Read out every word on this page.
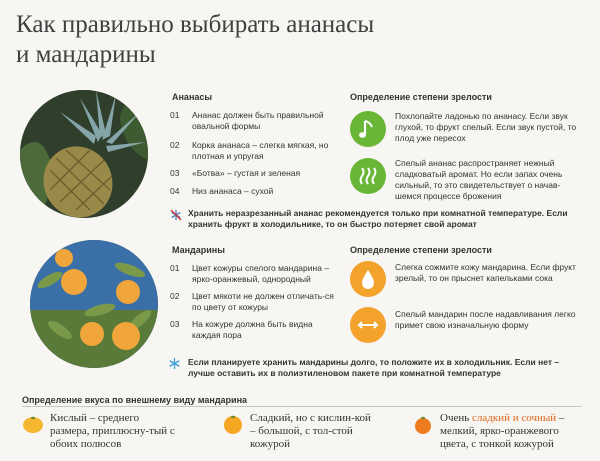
Как правильно выбирать ананасы
и мандарины
Ананасы
01 Ананас должен быть правильной овальной формы
02 Корка ананаса – слегка мягкая, но плотная и упругая
03 «Ботва» – густая и зеленая
04 Низ ананаса – сухой
Определение степени зрелости
Похлопайте ладонью по ананасу. Если звук глухой, то фрукт спелый. Если звук пустой, то плод уже пересох
Спелый ананас распространяет нежный сладковатый аромат. Но если запах очень сильный, то это свидетельствует о начав-шемся процессе брожения
Хранить неразрезанный ананас рекомендуется только при комнатной температуре. Если хранить фрукт в холодильнике, то он быстро потеряет свой аромат
Мандарины
01 Цвет кожуры спелого мандарина – ярко-оранжевый, однородный
02 Цвет мякоти не должен отличать-ся по цвету от кожуры
03 На кожуре должна быть видна каждая пора
Определение степени зрелости
Слегка сожмите кожу мандарина. Если фрукт зрелый, то он прыснет капельками сока
Спелый мандарин после надавливания легко примет свою изначальную форму
Если планируете хранить мандарины долго, то положите их в холодильник. Если нет – лучше оставить их в полиэтиленовом пакете при комнатной температуре
Определение вкуса по внешнему виду мандарина
Кислый – среднего размера, приплюсну-тый с обоих полюсов
Сладкий, но с кислин-кой – большой, с тол-стой кожурой
Очень сладкий и сочный – мелкий, ярко-оранжевого цвета, с тонкой кожурой
